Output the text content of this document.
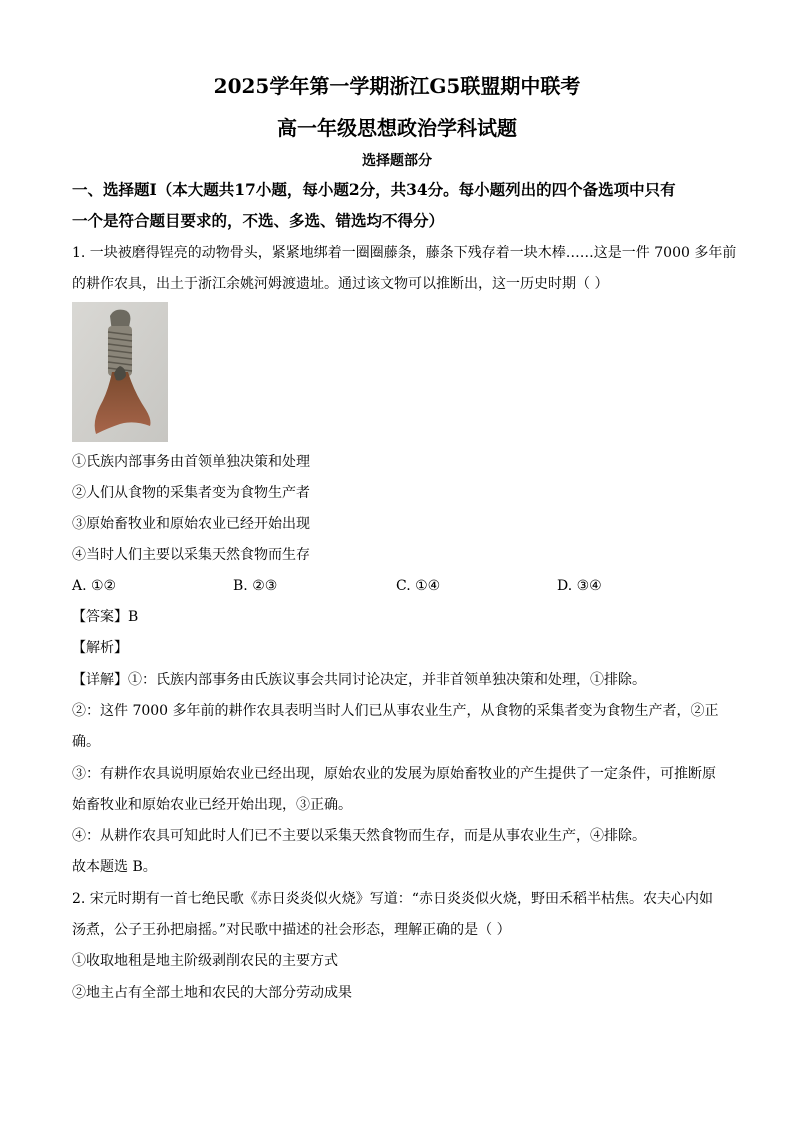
2025学年第一学期浙江G5联盟期中联考
高一年级思想政治学科试题
选择题部分
一、选择题Ⅰ（本大题共17小题，每小题2分，共34分。每小题列出的四个备选项中只有
一个是符合题目要求的，不选、多选、错选均不得分）
1. 一块被磨得锃亮的动物骨头，紧紧地绑着一圈圈藤条，藤条下残存着一块木棒……这是一件 7000 多年前
的耕作农具，出土于浙江余姚河姆渡遗址。通过该文物可以推断出，这一历史时期（ ）
①氏族内部事务由首领单独决策和处理
②人们从食物的采集者变为食物生产者
③原始畜牧业和原始农业已经开始出现
④当时人们主要以采集天然食物而生存
A. ①②	B. ②③	C. ①④	D. ③④
【答案】B
【解析】
【详解】①：氏族内部事务由氏族议事会共同讨论决定，并非首领单独决策和处理，①排除。
②：这件 7000 多年前的耕作农具表明当时人们已从事农业生产，从食物的采集者变为食物生产者，②正
确。
③：有耕作农具说明原始农业已经出现，原始农业的发展为原始畜牧业的产生提供了一定条件，可推断原
始畜牧业和原始农业已经开始出现，③正确。
④：从耕作农具可知此时人们已不主要以采集天然食物而生存，而是从事农业生产，④排除。
故本题选 B。
2. 宋元时期有一首七绝民歌《赤日炎炎似火烧》写道：“赤日炎炎似火烧，野田禾稻半枯焦。农夫心内如
汤煮，公子王孙把扇摇。”对民歌中描述的社会形态，理解正确的是（ ）
①收取地租是地主阶级剥削农民的主要方式
②地主占有全部土地和农民的大部分劳动成果
